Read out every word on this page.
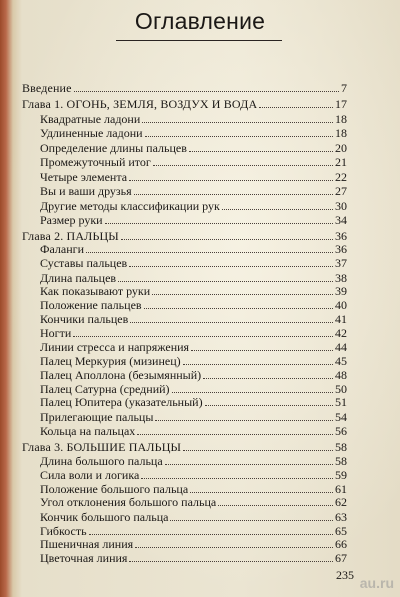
Оглавление
Введение	7
Глава 1. ОГОНЬ, ЗЕМЛЯ, ВОЗДУХ И ВОДА	17
Квадратные ладони	18
Удлиненные ладони	18
Определение длины пальцев	20
Промежуточный итог	21
Четыре элемента	22
Вы и ваши друзья	27
Другие методы классификации рук	30
Размер руки	34
Глава 2. ПАЛЬЦЫ	36
Фаланги	36
Суставы пальцев	37
Длина пальцев	38
Как показывают руки	39
Положение пальцев	40
Кончики пальцев	41
Ногти	42
Линии стресса и напряжения	44
Палец Меркурия (мизинец)	45
Палец Аполлона (безымянный)	48
Палец Сатурна (средний)	50
Палец Юпитера (указательный)	51
Прилегающие пальцы	54
Кольца на пальцах	56
Глава 3. БОЛЬШИЕ ПАЛЬЦЫ	58
Длина большого пальца	58
Сила воли и логика	59
Положение большого пальца	61
Угол отклонения большого пальца	62
Кончик большого пальца	63
Гибкость	65
Пшеничная линия	66
Цветочная линия	67
235 au.ru
